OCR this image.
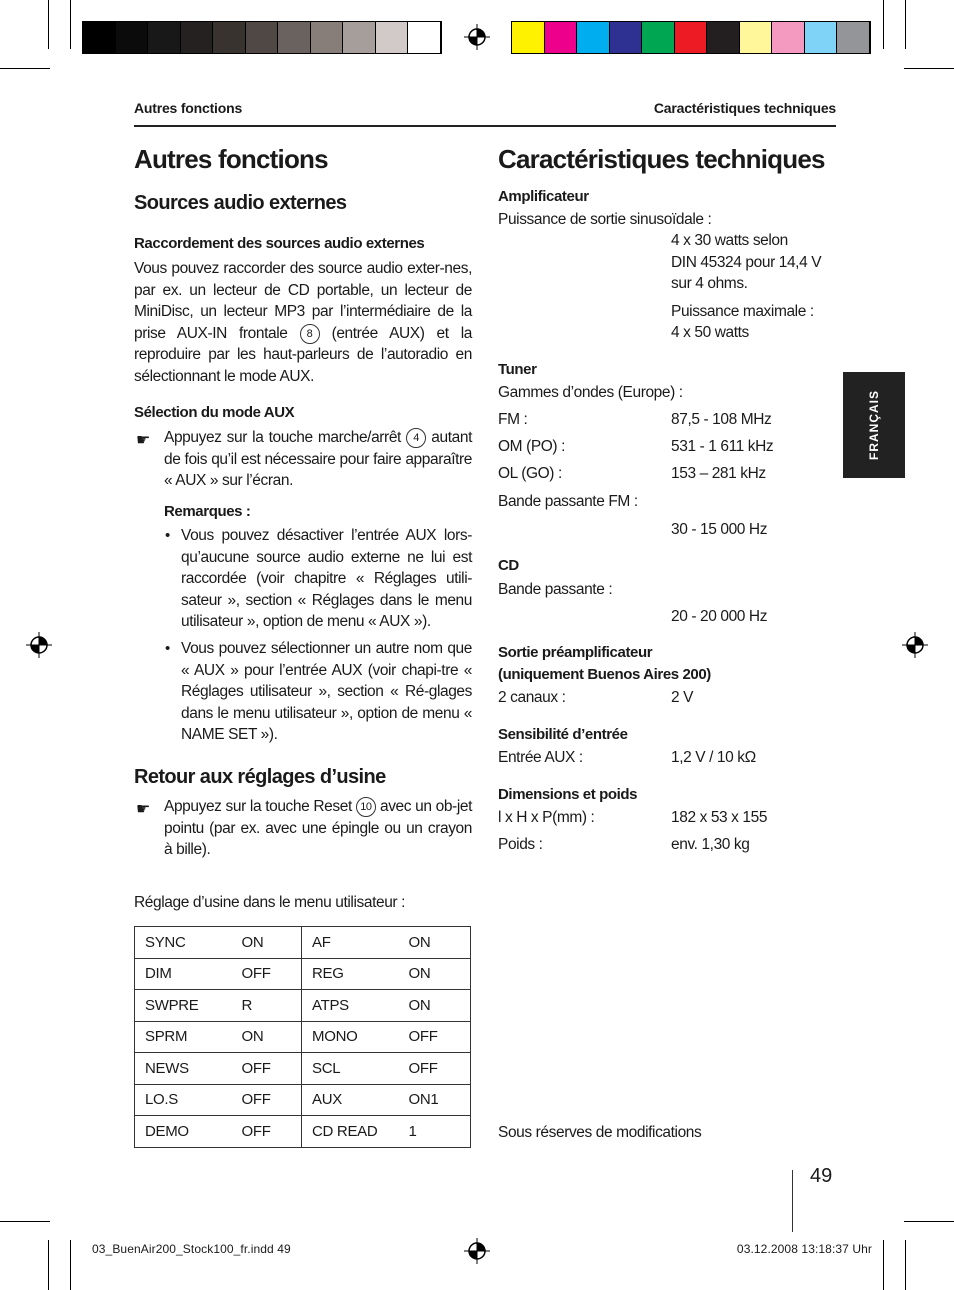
Autres fonctions	Caractéristiques techniques
Autres fonctions
Sources audio externes
Raccordement des sources audio externes
Vous pouvez raccorder des source audio exter-nes, par ex. un lecteur de CD portable, un lecteur de MiniDisc, un lecteur MP3 par l’intermédiaire de la prise AUX-IN frontale 8 (entrée AUX) et la reproduire par les haut-parleurs de l’autoradio en sélectionnant le mode AUX.
Sélection du mode AUX
☛ Appuyez sur la touche marche/arrêt 4 autant de fois qu’il est nécessaire pour faire apparaître « AUX » sur l’écran.
Remarques :
• Vous pouvez désactiver l’entrée AUX lors-qu’aucune source audio externe ne lui est raccordée (voir chapitre « Réglages utili-sateur », section « Réglages dans le menu utilisateur », option de menu « AUX »).
• Vous pouvez sélectionner un autre nom que « AUX » pour l’entrée AUX (voir chapi-tre « Réglages utilisateur », section « Ré-glages dans le menu utilisateur », option de menu « NAME SET »).
Retour aux réglages d’usine
☛ Appuyez sur la touche Reset 10 avec un ob-jet pointu (par ex. avec une épingle ou un crayon à bille).
Réglage d’usine dans le menu utilisateur :
SYNC	ON	AF	ON
DIM	OFF	REG	ON
SWPRE	R	ATPS	ON
SPRM	ON	MONO	OFF
NEWS	OFF	SCL	OFF
LO.S	OFF	AUX	ON1
DEMO	OFF	CD READ	1
Caractéristiques techniques
Amplificateur
Puissance de sortie sinusoïdale :
4 x 30 watts selon
DIN 45324 pour 14,4 V
sur 4 ohms.
Puissance maximale :
4 x 50 watts
Tuner
Gammes d’ondes (Europe) :
FM :	87,5 - 108 MHz
OM (PO) :	531 - 1 611 kHz
OL (GO) :	153 – 281 kHz
Bande passante FM :
30 - 15 000 Hz
CD
Bande passante :
20 - 20 000 Hz
Sortie préamplificateur
(uniquement Buenos Aires 200)
2 canaux :	2 V
Sensibilité d’entrée
Entrée AUX :	1,2 V / 10 kΩ
Dimensions et poids
l x H x P(mm) :	182 x 53 x 155
Poids :	env. 1,30 kg
Sous réserves de modifications
FRANÇAIS
49
03_BuenAir200_Stock100_fr.indd 49	03.12.2008 13:18:37 Uhr
